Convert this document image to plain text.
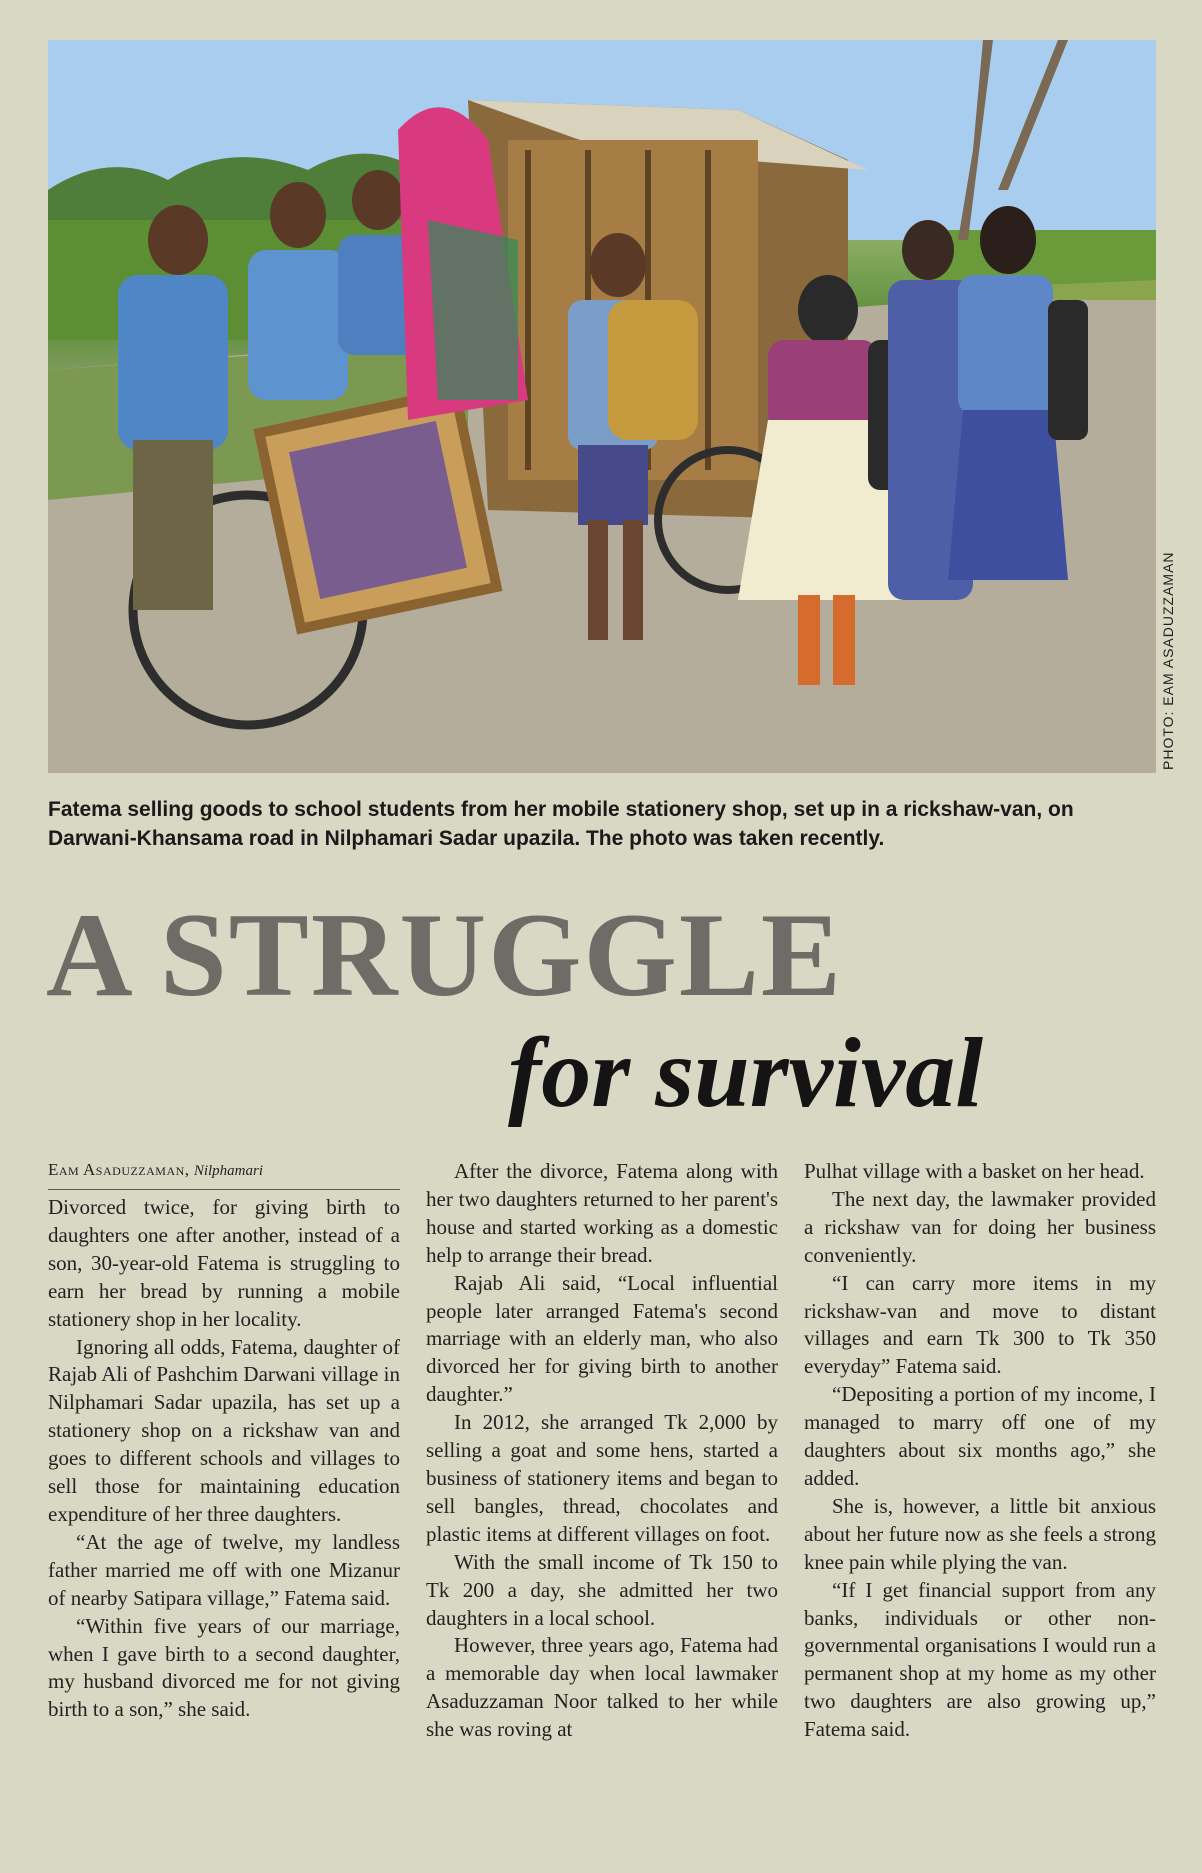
PHOTO: EAM ASADUZZAMAN
Fatema selling goods to school students from her mobile stationery shop, set up in a rickshaw-van, on Darwani-Khansama road in Nilphamari Sadar upazila. The photo was taken recently.
A STRUGGLE
for survival
Eam Asaduzzaman, Nilphamari

Divorced twice, for giving birth to daughters one after another, instead of a son, 30-year-old Fatema is struggling to earn her bread by running a mobile stationery shop in her locality.

Ignoring all odds, Fatema, daughter of Rajab Ali of Pashchim Darwani village in Nilphamari Sadar upazila, has set up a stationery shop on a rickshaw van and goes to different schools and villages to sell those for maintaining education expenditure of her three daughters.

“At the age of twelve, my landless father married me off with one Mizanur of nearby Satipara village,” Fatema said.

“Within five years of our marriage, when I gave birth to a second daughter, my husband divorced me for not giving birth to a son,” she said.

After the divorce, Fatema along with her two daughters returned to her parent's house and started working as a domestic help to arrange their bread.

Rajab Ali said, “Local influential people later arranged Fatema's second marriage with an elderly man, who also divorced her for giving birth to another daughter.”

In 2012, she arranged Tk 2,000 by selling a goat and some hens, started a business of stationery items and began to sell bangles, thread, chocolates and plastic items at different villages on foot.

With the small income of Tk 150 to Tk 200 a day, she admitted her two daughters in a local school.

However, three years ago, Fatema had a memorable day when local lawmaker Asaduzzaman Noor talked to her while she was roving at

Pulhat village with a basket on her head.

The next day, the lawmaker provided a rickshaw van for doing her business conveniently.

“I can carry more items in my rickshaw-van and move to distant villages and earn Tk 300 to Tk 350 everyday” Fatema said.

“Depositing a portion of my income, I managed to marry off one of my daughters about six months ago,” she added.

She is, however, a little bit anxious about her future now as she feels a strong knee pain while plying the van.

“If I get financial support from any banks, individuals or other non-governmental organisations I would run a permanent shop at my home as my other two daughters are also growing up,” Fatema said.
